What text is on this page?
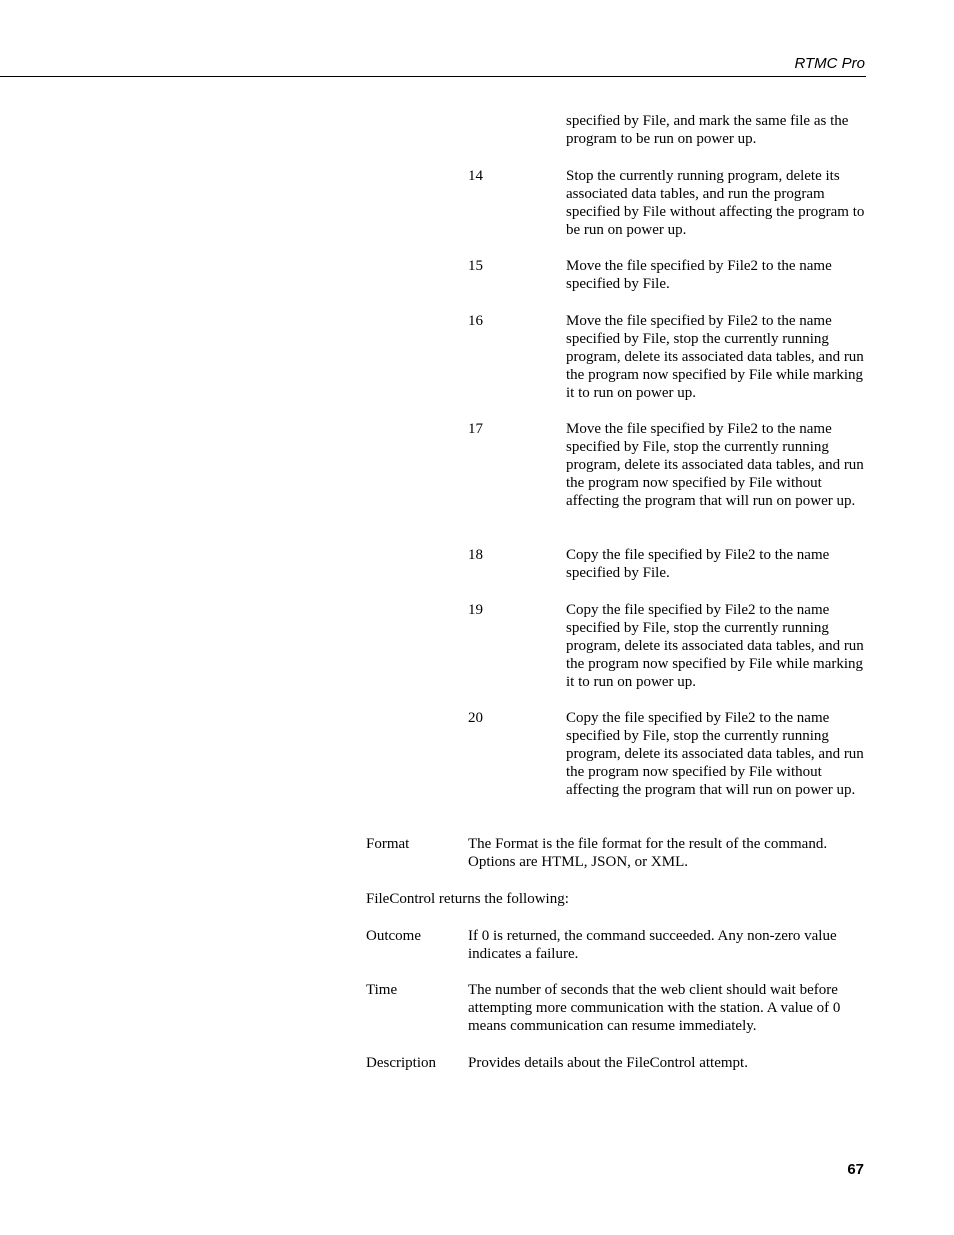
RTMC Pro

specified by File, and mark the same file as the program to be run on power up.

14	Stop the currently running program, delete its associated data tables, and run the program specified by File without affecting the program to be run on power up.

15	Move the file specified by File2 to the name specified by File.

16	Move the file specified by File2 to the name specified by File, stop the currently running program, delete its associated data tables, and run the program now specified by File while marking it to run on power up.

17	Move the file specified by File2 to the name specified by File, stop the currently running program, delete its associated data tables, and run the program now specified by File without affecting the program that will run on power up.

18	Copy the file specified by File2 to the name specified by File.

19	Copy the file specified by File2 to the name specified by File, stop the currently running program, delete its associated data tables, and run the program now specified by File while marking it to run on power up.

20	Copy the file specified by File2 to the name specified by File, stop the currently running program, delete its associated data tables, and run the program now specified by File without affecting the program that will run on power up.

Format	The Format is the file format for the result of the command. Options are HTML, JSON, or XML.

FileControl returns the following:

Outcome	If 0 is returned, the command succeeded. Any non-zero value indicates a failure.

Time	The number of seconds that the web client should wait before attempting more communication with the station. A value of 0 means communication can resume immediately.

Description Provides details about the FileControl attempt.

67
